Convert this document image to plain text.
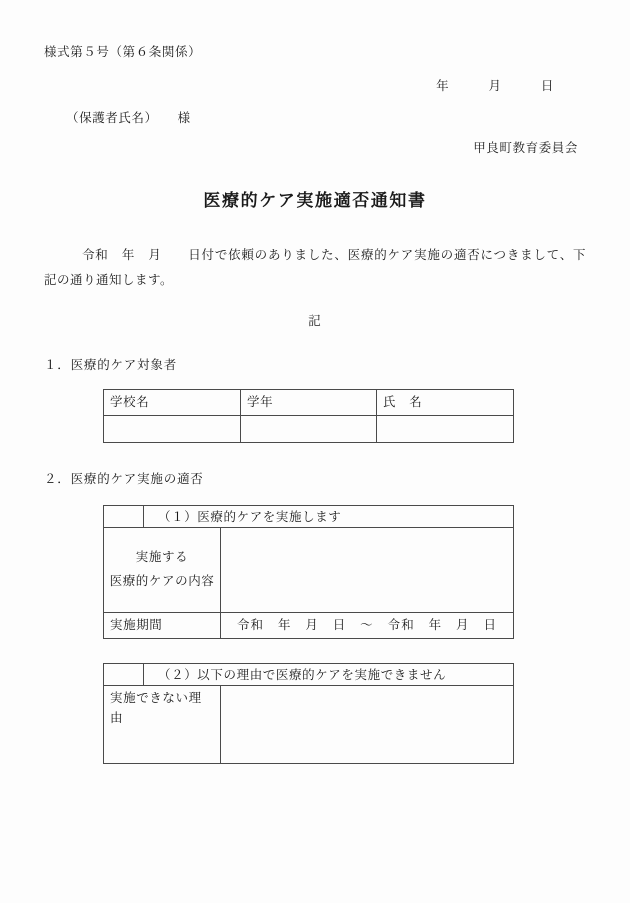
様式第５号（第６条関係）
年　　　月　　　日
（保護者氏名）　　様
甲良町教育委員会
医療的ケア実施適否通知書
令和　年　月　　日付で依頼のありました、医療的ケア実施の適否につきまして、下記の通り通知します。
記
１．医療的ケア対象者
学校名	学年	氏　名

２．医療的ケア実施の適否
	（１）医療的ケアを実施します	
実施する
医療的ケアの内容		
実施期間		令和　年　月　日　〜　令和　年　月　日
	（２）以下の理由で医療的ケアを実施できません	
実施できない理由		
